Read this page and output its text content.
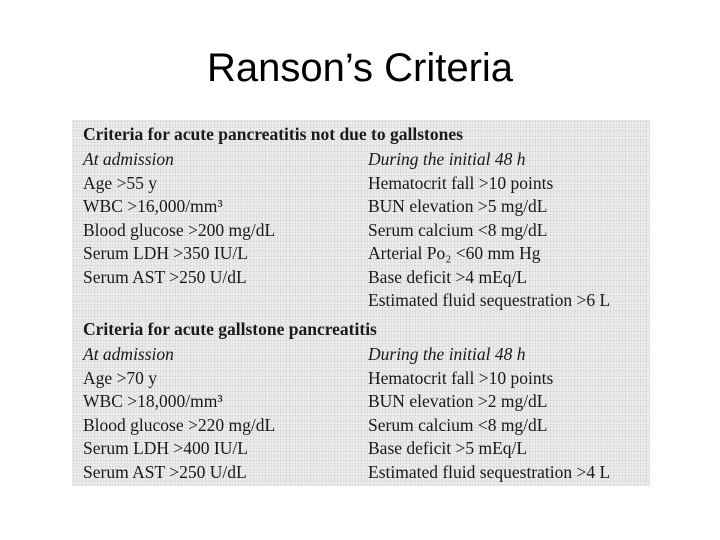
Ranson’s Criteria
Criteria for acute pancreatitis not due to gallstones
At admission
Age >55 y
WBC >16,000/mm³
Blood glucose >200 mg/dL
Serum LDH >350 IU/L
Serum AST >250 U/dL
During the initial 48 h
Hematocrit fall >10 points
BUN elevation >5 mg/dL
Serum calcium <8 mg/dL
Arterial Po₂ <60 mm Hg
Base deficit >4 mEq/L
Estimated fluid sequestration >6 L
Criteria for acute gallstone pancreatitis
At admission
Age >70 y
WBC >18,000/mm³
Blood glucose >220 mg/dL
Serum LDH >400 IU/L
Serum AST >250 U/dL
During the initial 48 h
Hematocrit fall >10 points
BUN elevation >2 mg/dL
Serum calcium <8 mg/dL
Base deficit >5 mEq/L
Estimated fluid sequestration >4 L
